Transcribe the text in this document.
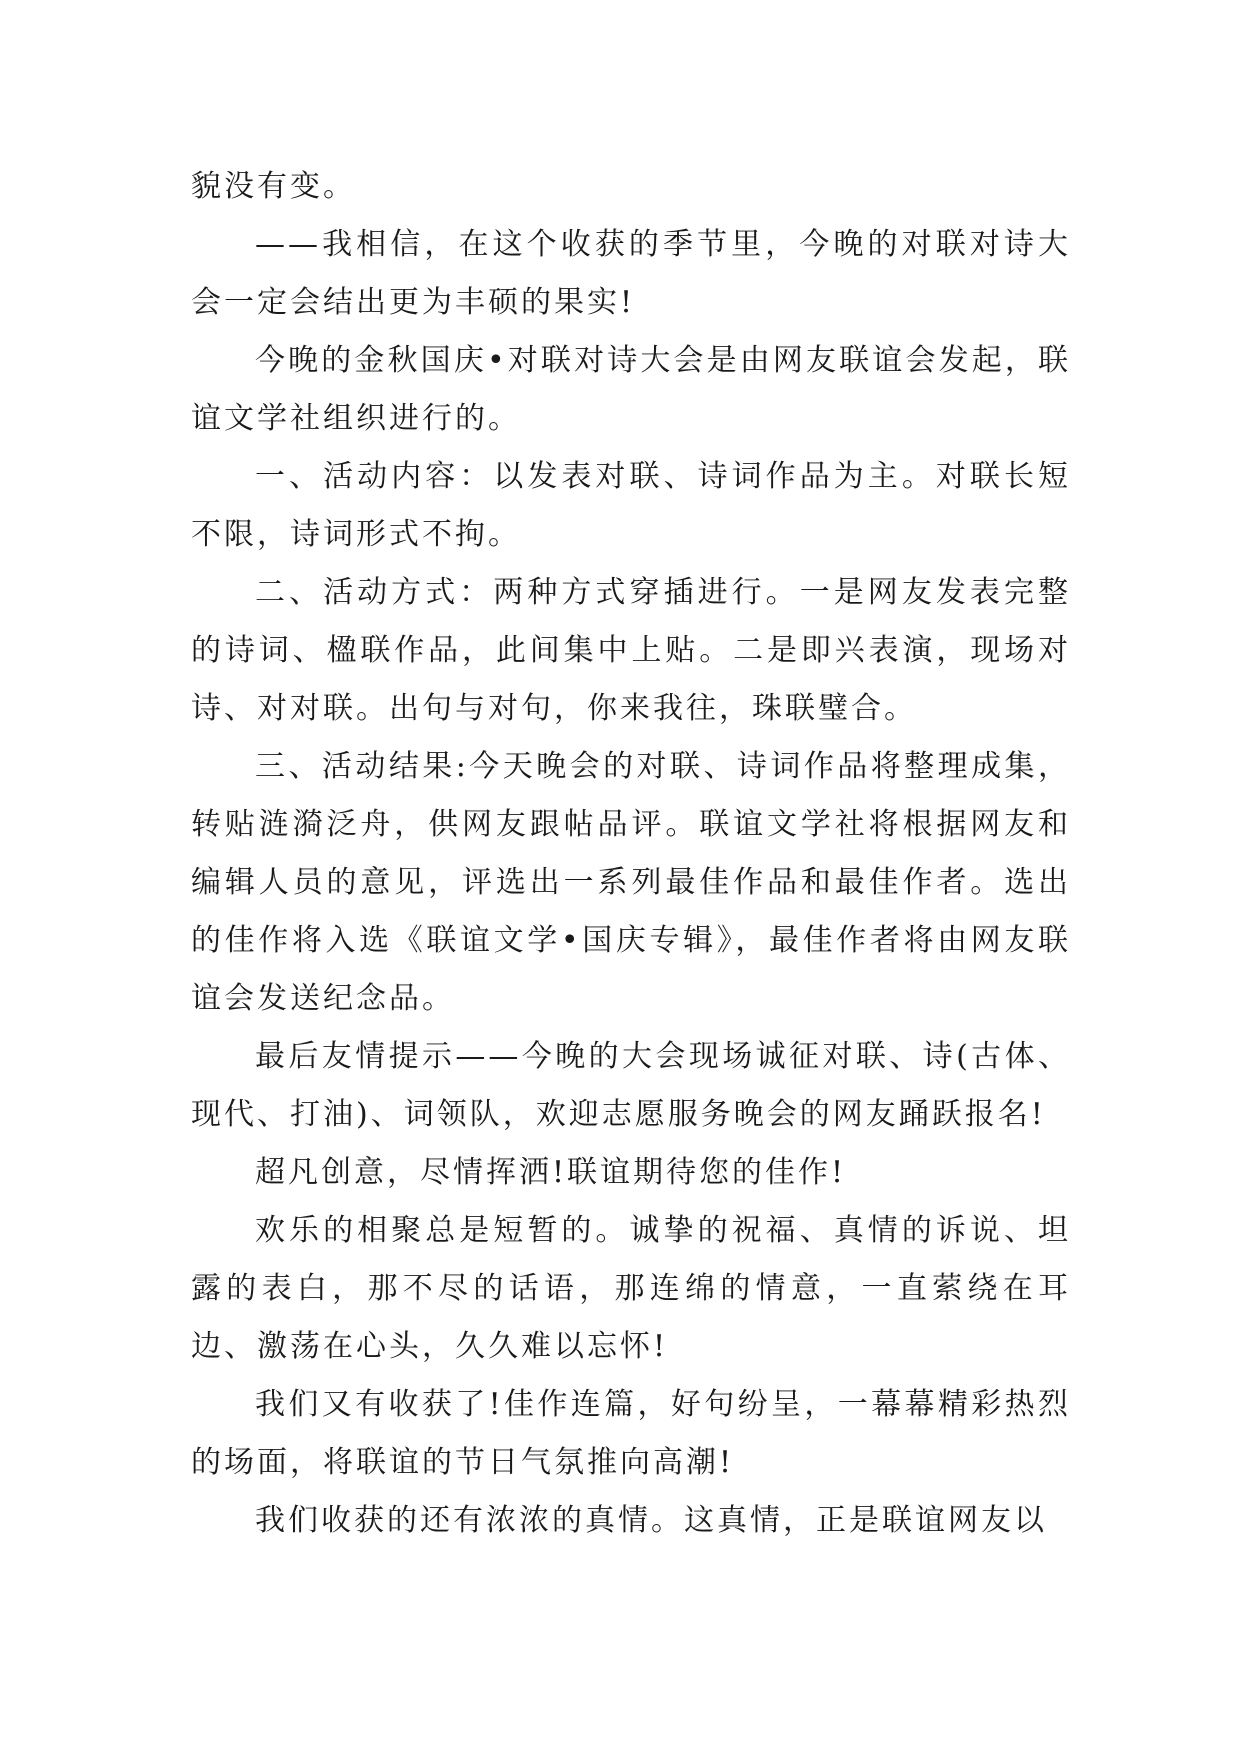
貌没有变。

——我相信，在这个收获的季节里，今晚的对联对诗大会一定会结出更为丰硕的果实!

今晚的金秋国庆•对联对诗大会是由网友联谊会发起，联谊文学社组织进行的。

一、活动内容：以发表对联、诗词作品为主。对联长短不限，诗词形式不拘。

二、活动方式：两种方式穿插进行。一是网友发表完整的诗词、楹联作品，此间集中上贴。二是即兴表演，现场对诗、对对联。出句与对句，你来我往，珠联璧合。

三、活动结果:今天晚会的对联、诗词作品将整理成集，转贴涟漪泛舟，供网友跟帖品评。联谊文学社将根据网友和编辑人员的意见，评选出一系列最佳作品和最佳作者。选出的佳作将入选《联谊文学•国庆专辑》，最佳作者将由网友联谊会发送纪念品。

最后友情提示——今晚的大会现场诚征对联、诗(古体、现代、打油)、词领队，欢迎志愿服务晚会的网友踊跃报名!

超凡创意，尽情挥洒!联谊期待您的佳作!

欢乐的相聚总是短暂的。诚挚的祝福、真情的诉说、坦露的表白，那不尽的话语，那连绵的情意，一直萦绕在耳边、激荡在心头，久久难以忘怀!

我们又有收获了!佳作连篇，好句纷呈，一幕幕精彩热烈的场面，将联谊的节日气氛推向高潮!

我们收获的还有浓浓的真情。这真情，正是联谊网友以
